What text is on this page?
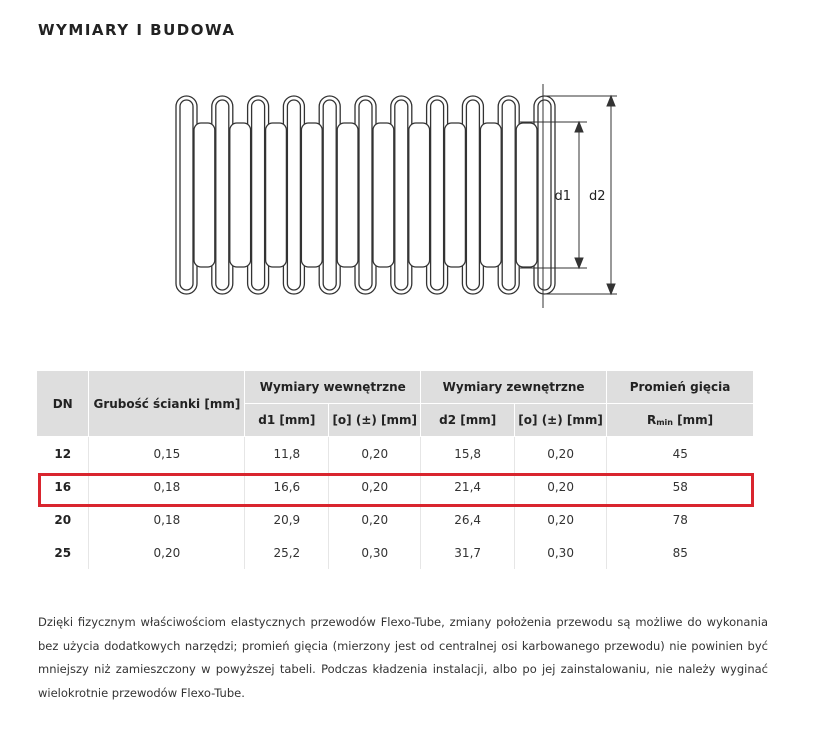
WYMIARY I BUDOWA
d1 d2
DN	Grubość ścianki [mm]	Wymiary wewnętrzne		Wymiary zewnętrzne		Promień gięcia
		d1 [mm]	[o] (±) [mm]	d2 [mm]	[o] (±) [mm]	Rmin [mm]
12	0,15	11,8	0,20	15,8	0,20	45
16	0,18	16,6	0,20	21,4	0,20	58
20	0,18	20,9	0,20	26,4	0,20	78
25	0,20	25,2	0,30	31,7	0,30	85
Dzięki fizycznym właściwościom elastycznych przewodów Flexo-Tube, zmiany położenia przewodu są możliwe do wykonania bez użycia dodatkowych narzędzi; promień gięcia (mierzony jest od centralnej osi karbowanego przewodu) nie powinien być mniejszy niż zamieszczony w powyższej tabeli. Podczas kładzenia instalacji, albo po jej zainstalowaniu, nie należy wyginać wielokrotnie przewodów Flexo-Tube.
